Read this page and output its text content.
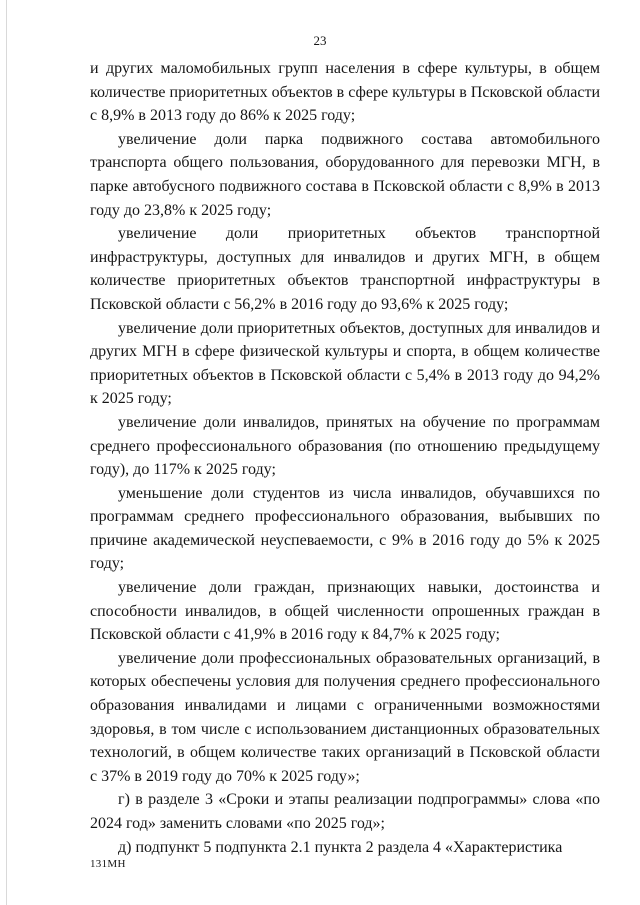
23

и других маломобильных групп населения в сфере культуры, в общем количестве приоритетных объектов в сфере культуры в Псковской области с 8,9% в 2013 году до 86% к 2025 году;

увеличение доли парка подвижного состава автомобильного транспорта общего пользования, оборудованного для перевозки МГН, в парке автобусного подвижного состава в Псковской области с 8,9% в 2013 году до 23,8% к 2025 году;

увеличение доли приоритетных объектов транспортной инфраструктуры, доступных для инвалидов и других МГН, в общем количестве приоритетных объектов транспортной инфраструктуры в Псковской области с 56,2% в 2016 году до 93,6% к 2025 году;

увеличение доли приоритетных объектов, доступных для инвалидов и других МГН в сфере физической культуры и спорта, в общем количестве приоритетных объектов в Псковской области с 5,4% в 2013 году до 94,2% к 2025 году;

увеличение доли инвалидов, принятых на обучение по программам среднего профессионального образования (по отношению предыдущему году), до 117% к 2025 году;

уменьшение доли студентов из числа инвалидов, обучавшихся по программам среднего профессионального образования, выбывших по причине академической неуспеваемости, с 9% в 2016 году до 5% к 2025 году;

увеличение доли граждан, признающих навыки, достоинства и способности инвалидов, в общей численности опрошенных граждан в Псковской области с 41,9% в 2016 году к 84,7% к 2025 году;

увеличение доли профессиональных образовательных организаций, в которых обеспечены условия для получения среднего профессионального образования инвалидами и лицами с ограниченными возможностями здоровья, в том числе с использованием дистанционных образовательных технологий, в общем количестве таких организаций в Псковской области с 37% в 2019 году до 70% к 2025 году»;

г) в разделе 3 «Сроки и этапы реализации подпрограммы» слова «по 2024 год» заменить словами «по 2025 год»;

д) подпункт 5 подпункта 2.1 пункта 2 раздела 4 «Характеристика

131МН
